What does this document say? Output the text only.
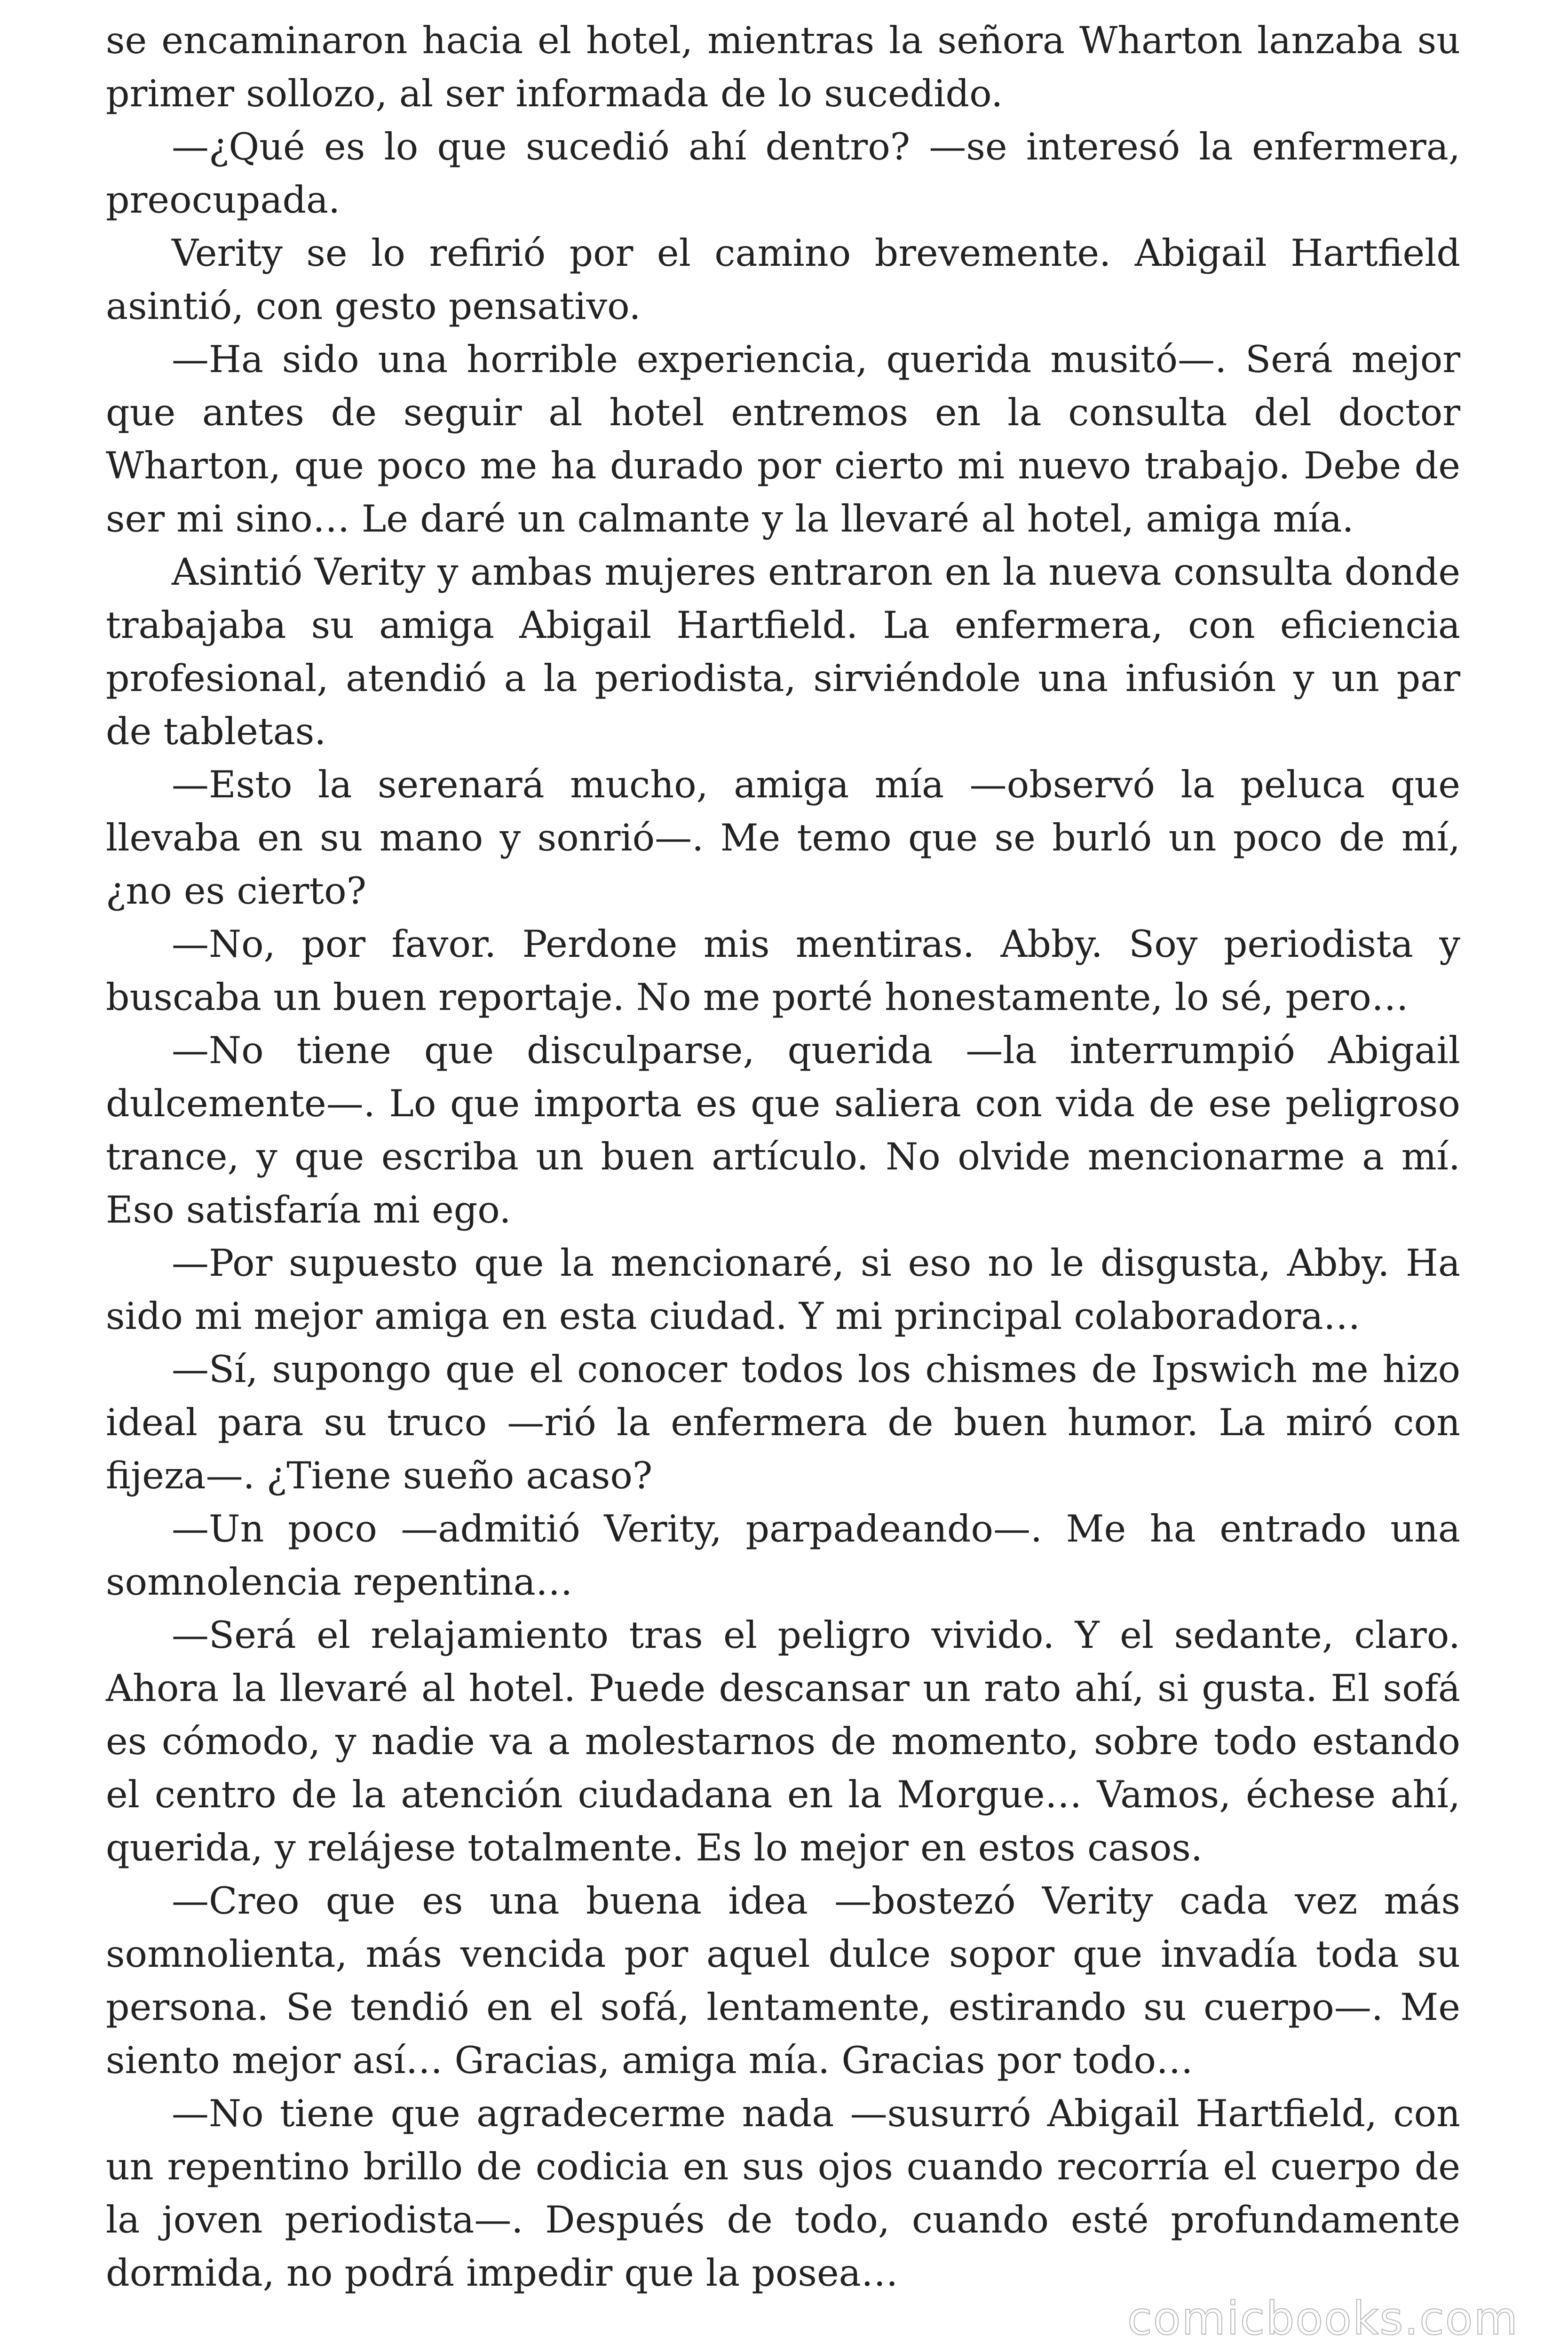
se encaminaron hacia el hotel, mientras la señora Wharton lanzaba su primer sollozo, al ser informada de lo sucedido.

—¿Qué es lo que sucedió ahí dentro? —se interesó la enfermera, preocupada.

Verity se lo refirió por el camino brevemente. Abigail Hartfield asintió, con gesto pensativo.

—Ha sido una horrible experiencia, querida musitó—. Será mejor que antes de seguir al hotel entremos en la consulta del doctor Wharton, que poco me ha durado por cierto mi nuevo trabajo. Debe de ser mi sino… Le daré un calmante y la llevaré al hotel, amiga mía.

Asintió Verity y ambas mujeres entraron en la nueva consulta donde trabajaba su amiga Abigail Hartfield. La enfermera, con eficiencia profesional, atendió a la periodista, sirviéndole una infusión y un par de tabletas.

—Esto la serenará mucho, amiga mía —observó la peluca que llevaba en su mano y sonrió—. Me temo que se burló un poco de mí, ¿no es cierto?

—No, por favor. Perdone mis mentiras. Abby. Soy periodista y buscaba un buen reportaje. No me porté honestamente, lo sé, pero…

—No tiene que disculparse, querida —la interrumpió Abigail dulcemente—. Lo que importa es que saliera con vida de ese peligroso trance, y que escriba un buen artículo. No olvide mencionarme a mí. Eso satisfaría mi ego.

—Por supuesto que la mencionaré, si eso no le disgusta, Abby. Ha sido mi mejor amiga en esta ciudad. Y mi principal colaboradora…

—Sí, supongo que el conocer todos los chismes de Ipswich me hizo ideal para su truco —rió la enfermera de buen humor. La miró con fijeza—. ¿Tiene sueño acaso?

—Un poco —admitió Verity, parpadeando—. Me ha entrado una somnolencia repentina…

—Será el relajamiento tras el peligro vivido. Y el sedante, claro. Ahora la llevaré al hotel. Puede descansar un rato ahí, si gusta. El sofá es cómodo, y nadie va a molestarnos de momento, sobre todo estando el centro de la atención ciudadana en la Morgue… Vamos, échese ahí, querida, y relájese totalmente. Es lo mejor en estos casos.

—Creo que es una buena idea —bostezó Verity cada vez más somnolienta, más vencida por aquel dulce sopor que invadía toda su persona. Se tendió en el sofá, lentamente, estirando su cuerpo—. Me siento mejor así… Gracias, amiga mía. Gracias por todo…

—No tiene que agradecerme nada —susurró Abigail Hartfield, con un repentino brillo de codicia en sus ojos cuando recorría el cuerpo de la joven periodista—. Después de todo, cuando esté profundamente dormida, no podrá impedir que la posea…

comicbooks.com
